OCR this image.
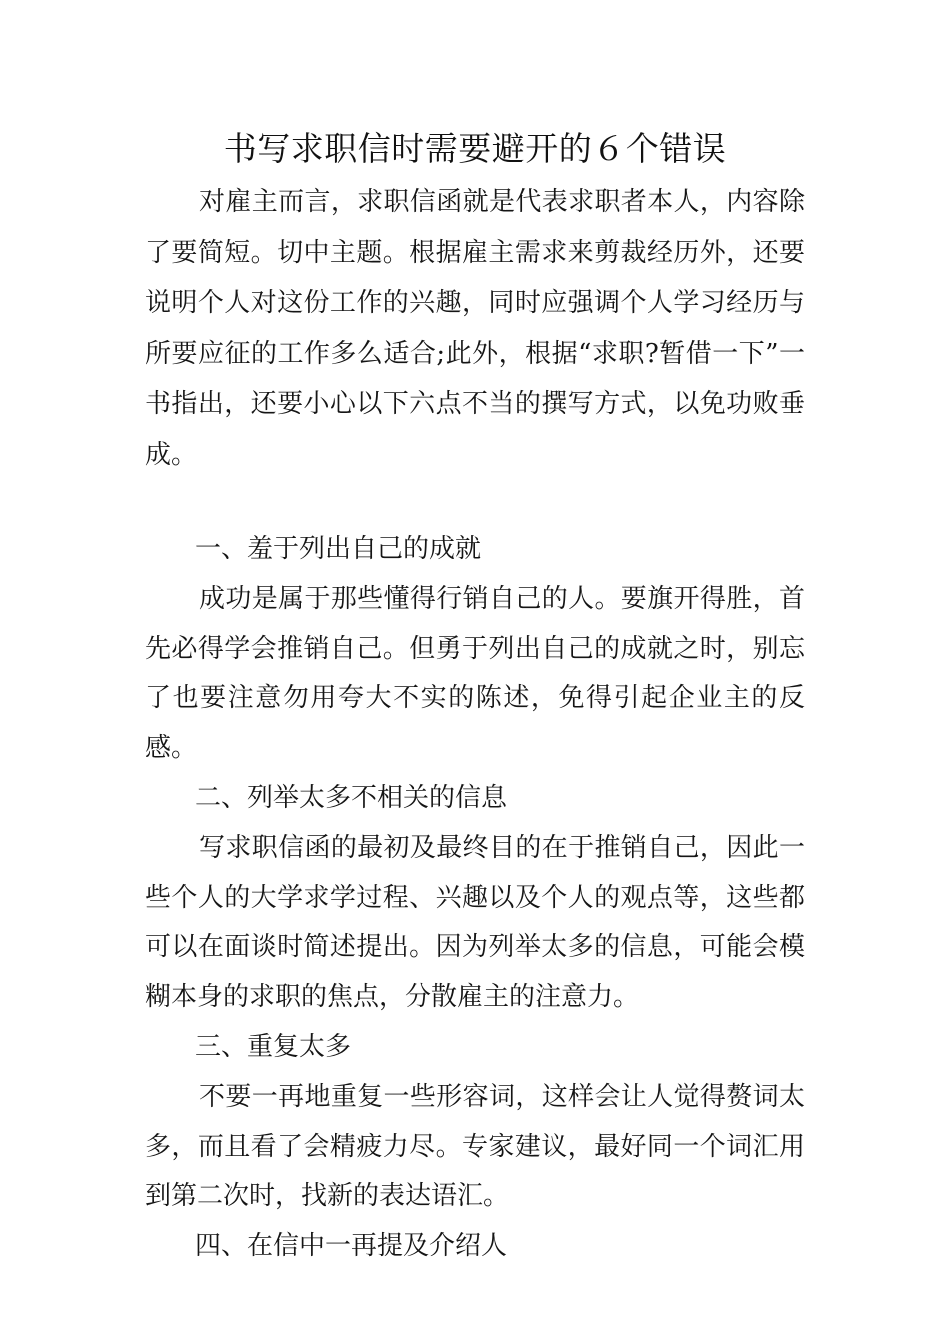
书写求职信时需要避开的６个错误

对雇主而言，求职信函就是代表求职者本人，内容除了要简短。切中主题。根据雇主需求来剪裁经历外，还要说明个人对这份工作的兴趣，同时应强调个人学习经历与所要应征的工作多么适合;此外，根据“求职?暂借一下”一书指出，还要小心以下六点不当的撰写方式，以免功败垂成。

一、羞于列出自己的成就

成功是属于那些懂得行销自己的人。要旗开得胜，首先必得学会推销自己。但勇于列出自己的成就之时，别忘了也要注意勿用夸大不实的陈述，免得引起企业主的反感。

二、列举太多不相关的信息

写求职信函的最初及最终目的在于推销自己，因此一些个人的大学求学过程、兴趣以及个人的观点等，这些都可以在面谈时简述提出。因为列举太多的信息，可能会模糊本身的求职的焦点，分散雇主的注意力。

三、重复太多

不要一再地重复一些形容词，这样会让人觉得赘词太多，而且看了会精疲力尽。专家建议，最好同一个词汇用到第二次时，找新的表达语汇。

四、在信中一再提及介绍人
